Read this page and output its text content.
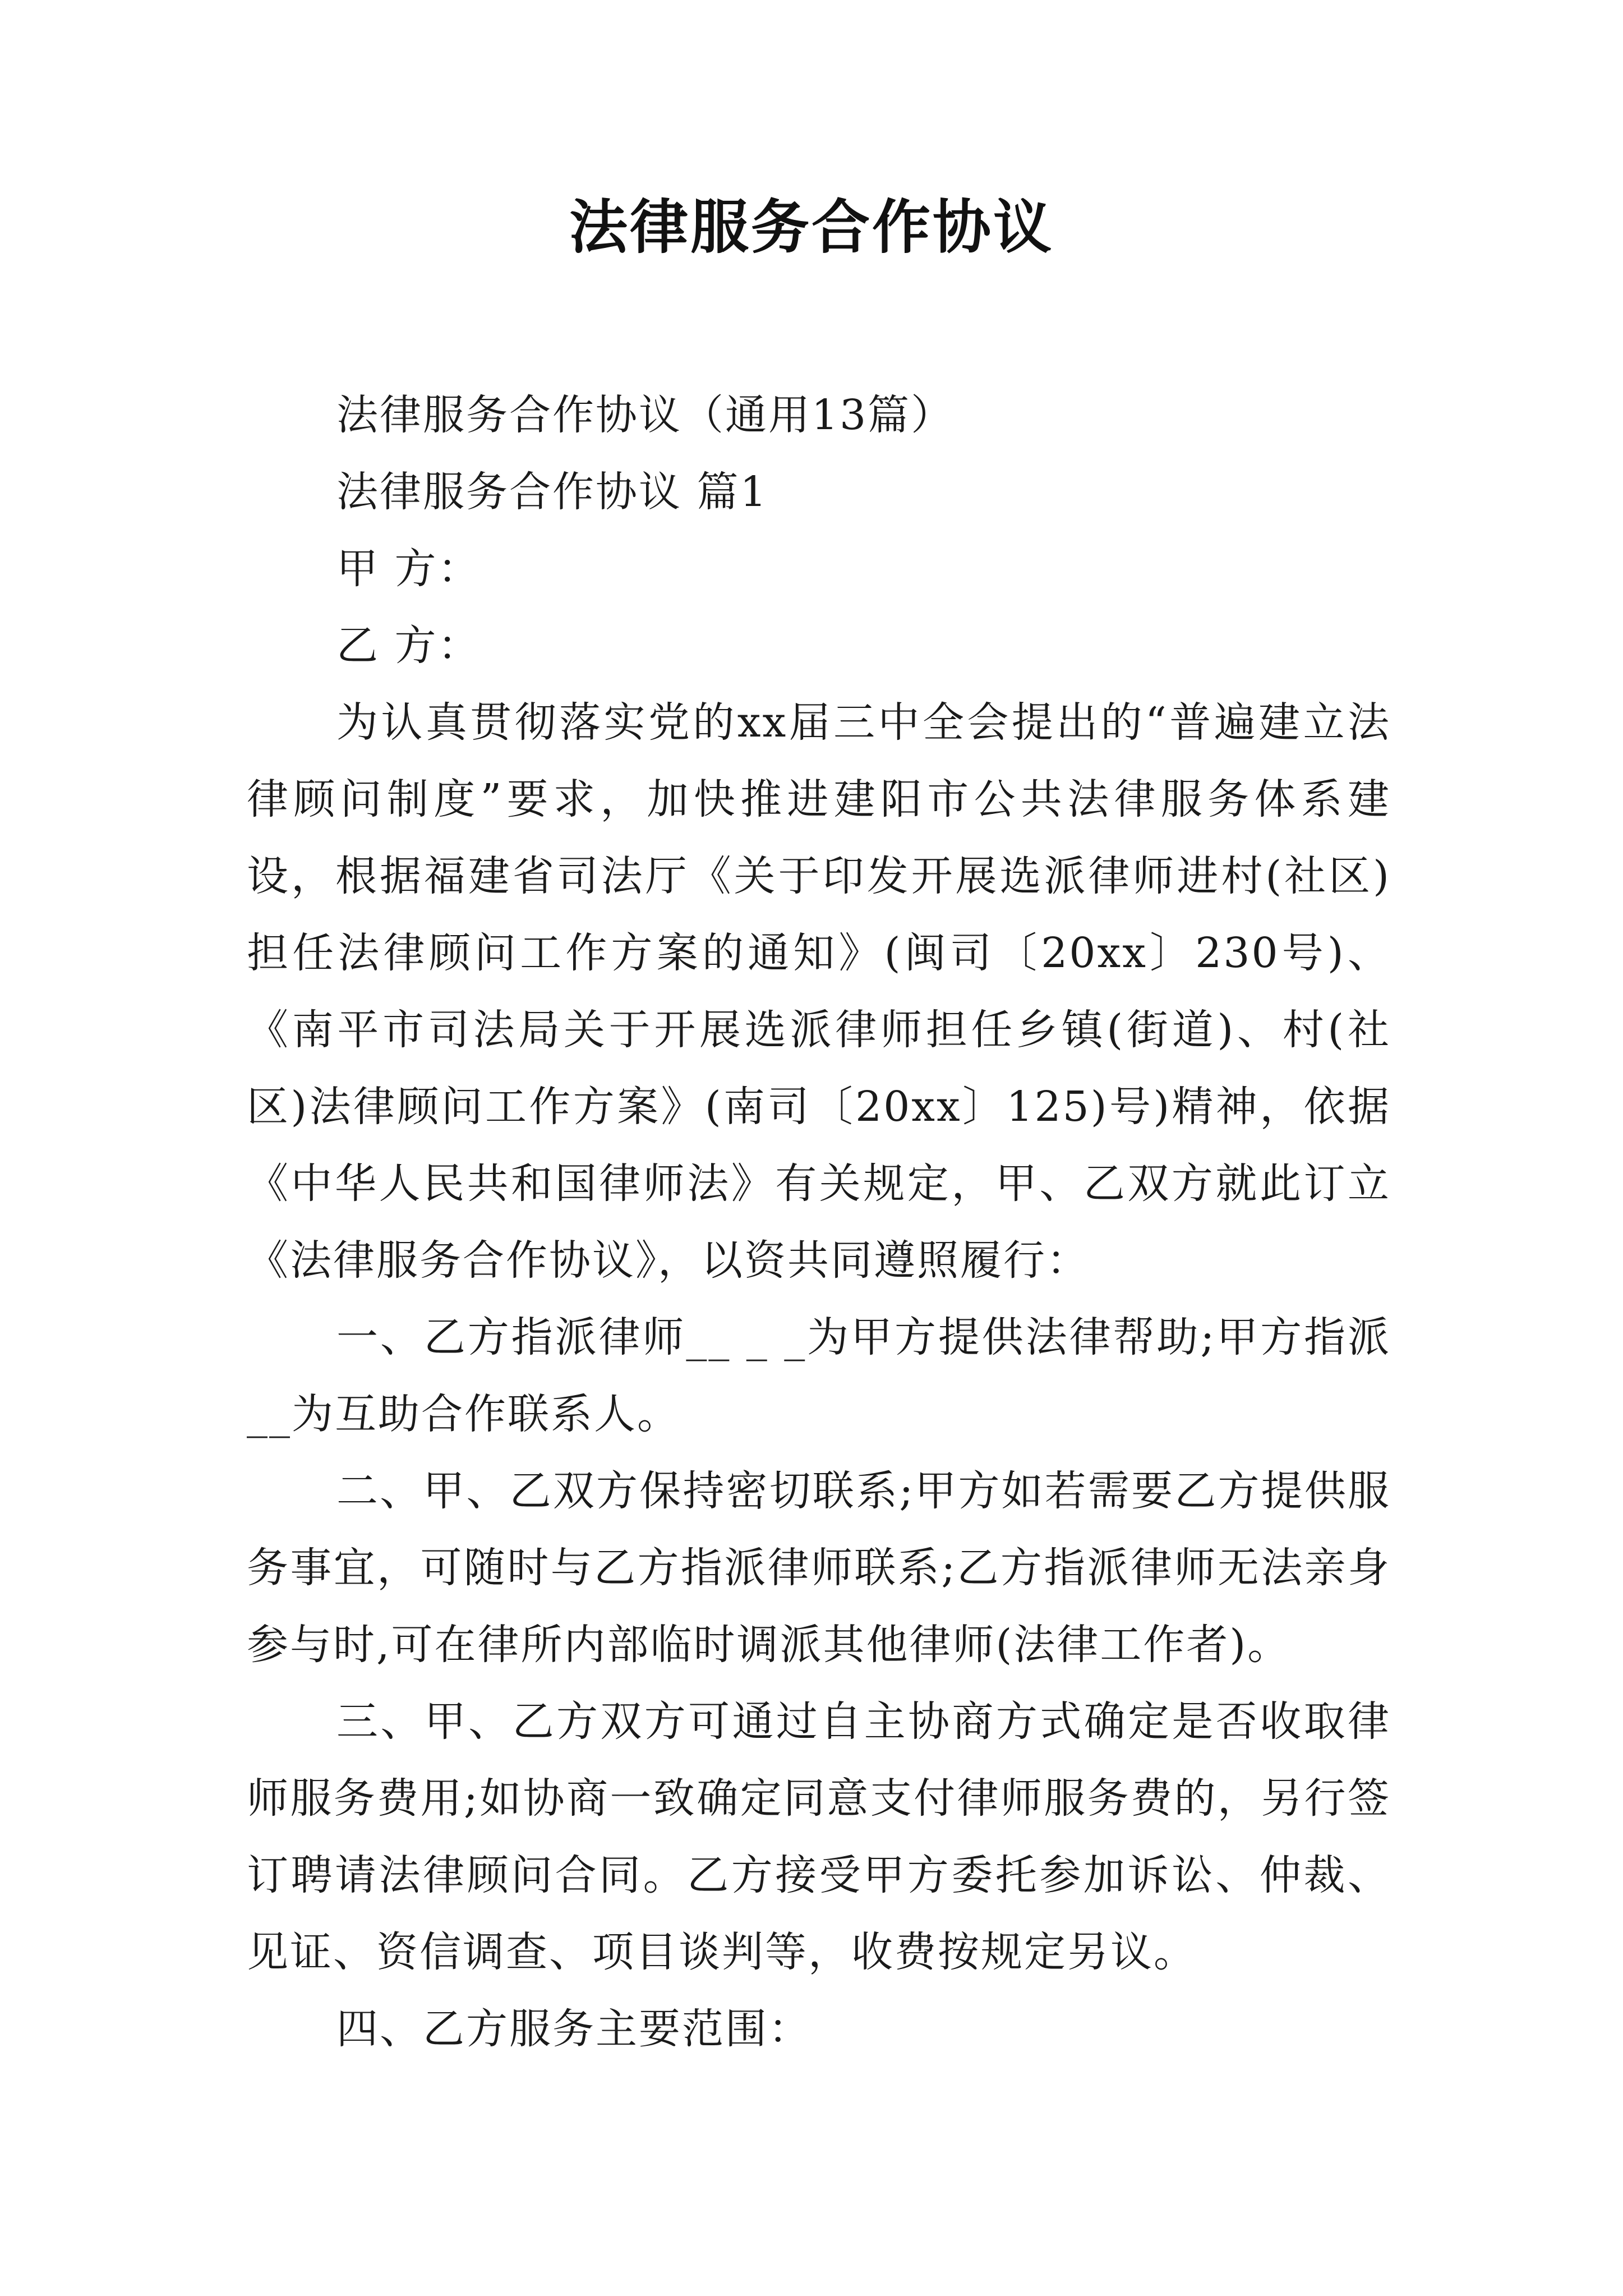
法律服务合作协议

法律服务合作协议（通用13篇）

法律服务合作协议 篇1

甲 方：

乙 方：

为认真贯彻落实党的xx届三中全会提出的“普遍建立法律顾问制度”要求，加快推进建阳市公共法律服务体系建设，根据福建省司法厅《关于印发开展选派律师进村(社区)担任法律顾问工作方案的通知》(闽司〔20xx〕230号)、《南平市司法局关于开展选派律师担任乡镇(街道)、村(社区)法律顾问工作方案》(南司〔20xx〕125)号)精神，依据《中华人民共和国律师法》有关规定，甲、乙双方就此订立《法律服务合作协议》，以资共同遵照履行：

一、乙方指派律师__ _ _为甲方提供法律帮助;甲方指派 __为互助合作联系人。

二、甲、乙双方保持密切联系;甲方如若需要乙方提供服务事宜，可随时与乙方指派律师联系;乙方指派律师无法亲身参与时,可在律所内部临时调派其他律师(法律工作者)。

三、甲、乙方双方可通过自主协商方式确定是否收取律师服务费用;如协商一致确定同意支付律师服务费的，另行签订聘请法律顾问合同。乙方接受甲方委托参加诉讼、仲裁、见证、资信调查、项目谈判等，收费按规定另议。

四、乙方服务主要范围：
